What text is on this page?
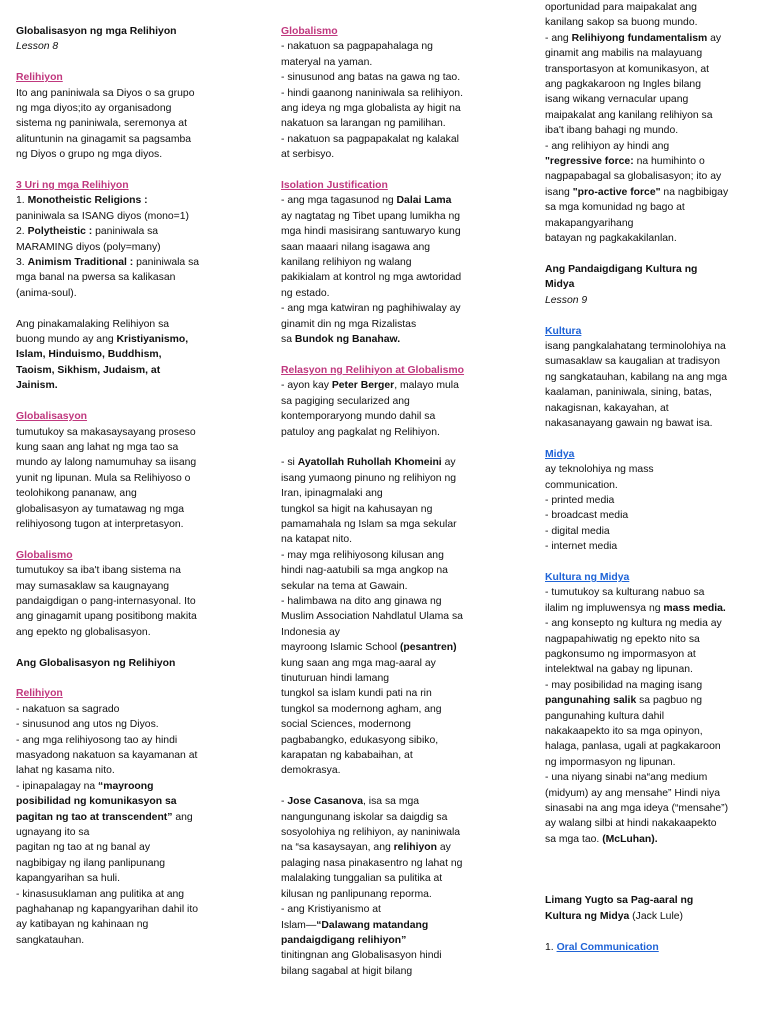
Globalisasyon ng mga Relihiyon
Lesson 8
Relihiyon
Ito ang paniniwala sa Diyos o sa grupo
ng mga diyos;ito ay organisadong
sistema ng paniniwala, seremonya at
alituntunin na ginagamit sa pagsamba
ng Diyos o grupo ng mga diyos.
3 Uri ng mga Relihiyon
1. Monotheistic Religions :
paniniwala sa ISANG diyos (mono=1)
2. Polytheistic : paniniwala sa
MARAMING diyos (poly=many)
3. Animism Traditional : paniniwala sa
mga banal na pwersa sa kalikasan
(anima-soul).
Ang pinakamalaking Relihiyon sa
buong mundo ay ang Kristiyanismo,
Islam, Hinduismo, Buddhism,
Taoism, Sikhism, Judaism, at
Jainism.
Globalisasyon
tumutukoy sa makasaysayang proseso
kung saan ang lahat ng mga tao sa
mundo ay lalong namumuhay sa iisang
yunit ng lipunan. Mula sa Relihiyoso o
teolohikong pananaw, ang
globalisasyon ay tumatawag ng mga
relihiyosong tugon at interpretasyon.
Globalismo
tumutukoy sa iba't ibang sistema na
may sumasaklaw sa kaugnayang
pandaigdigan o pang-internasyonal. Ito
ang ginagamit upang positibong makita
ang epekto ng globalisasyon.
Ang Globalisasyon ng Relihiyon
Relihiyon
- nakatuon sa sagrado
- sinusunod ang utos ng Diyos.
- ang mga relihiyosong tao ay hindi
masyadong nakatuon sa kayamanan at
lahat ng kasama nito.
- ipinapalagay na “mayroong
posibilidad ng komunikasyon sa
pagitan ng tao at transcendent” ang
ugnayang ito sa
pagitan ng tao at ng banal ay
nagbibigay ng ilang panlipunang
kapangyarihan sa huli.
- kinasusuklaman ang pulitika at ang
paghahanap ng kapangyarihan dahil ito
ay katibayan ng kahinaan ng
sangkatauhan.
Globalismo
- nakatuon sa pagpapahalaga ng
materyal na yaman.
- sinusunod ang batas na gawa ng tao.
- hindi gaanong naniniwala sa relihiyon.
ang ideya ng mga globalista ay higit na
nakatuon sa larangan ng pamilihan.
- nakatuon sa pagpapakalat ng kalakal
at serbisyo.
Isolation Justification
- ang mga tagasunod ng Dalai Lama
ay nagtatag ng Tibet upang lumikha ng
mga hindi masisirang santuwaryo kung
saan maaari nilang isagawa ang
kanilang relihiyon ng walang
pakikialam at kontrol ng mga awtoridad
ng estado.
- ang mga katwiran ng paghihiwalay ay
ginamit din ng mga Rizalistas
sa Bundok ng Banahaw.
Relasyon ng Relihiyon at Globalismo
- ayon kay Peter Berger, malayo mula
sa pagiging secularized ang
kontemporaryong mundo dahil sa
patuloy ang pagkalat ng Relihiyon.
- si Ayatollah Ruhollah Khomeini ay
isang yumaong pinuno ng relihiyon ng
Iran, ipinagmalaki ang
tungkol sa higit na kahusayan ng
pamamahala ng Islam sa mga sekular
na katapat nito.
- may mga relihiyosong kilusan ang
hindi nag-aatubili sa mga angkop na
sekular na tema at Gawain.
- halimbawa na dito ang ginawa ng
Muslim Association Nahdlatul Ulama sa
Indonesia ay
mayroong Islamic School (pesantren)
kung saan ang mga mag-aaral ay
tinuturuan hindi lamang
tungkol sa islam kundi pati na rin
tungkol sa modernong agham, ang
social Sciences, modernong
pagbabangko, edukasyong sibiko,
karapatan ng kababaihan, at
demokrasya.
- Jose Casanova, isa sa mga
nangungunang iskolar sa daigdig sa
sosyolohiya ng relihiyon, ay naniniwala
na “sa kasaysayan, ang relihiyon ay
palaging nasa pinakasentro ng lahat ng
malalaking tunggalian sa pulitika at
kilusan ng panlipunang reporma.
- ang Kristiyanismo at
Islam—“Dalawang matandang
pandaigdigang relihiyon”
tinitingnan ang Globalisasyon hindi
bilang sagabal at higit bilang
oportunidad para maipakalat ang
kanilang sakop sa buong mundo.
- ang Relihiyong fundamentalism ay
ginamit ang mabilis na malayuang
transportasyon at komunikasyon, at
ang pagkakaroon ng Ingles bilang
isang wikang vernacular upang
maipakalat ang kanilang relihiyon sa
iba't ibang bahagi ng mundo.
- ang relihiyon ay hindi ang
"regressive force: na humihinto o
nagpapabagal sa globalisasyon; ito ay
isang "pro-active force" na nagbibigay
sa mga komunidad ng bago at
makapangyarihang
batayan ng pagkakakilanlan.
Ang Pandaigdigang Kultura ng
Midya
Lesson 9
Kultura
isang pangkalahatang terminolohiya na
sumasaklaw sa kaugalian at tradisyon
ng sangkatauhan, kabilang na ang mga
kaalaman, paniniwala, sining, batas,
nakagisnan, kakayahan, at
nakasanayang gawain ng bawat isa.
Midya
ay teknolohiya ng mass
communication.
- printed media
- broadcast media
- digital media
- internet media
Kultura ng Midya
- tumutukoy sa kulturang nabuo sa
ilalim ng impluwensya ng mass media.
- ang konsepto ng kultura ng media ay
nagpapahiwatig ng epekto nito sa
pagkonsumo ng impormasyon at
intelektwal na gabay ng lipunan.
- may posibilidad na maging isang
pangunahing salik sa pagbuo ng
pangunahing kultura dahil
nakakaapekto ito sa mga opinyon,
halaga, panlasa, ugali at pagkakaroon
ng impormasyon ng lipunan.
- una niyang sinabi na“ang medium
(midyum) ay ang mensahe” Hindi niya
sinasabi na ang mga ideya (“mensahe”)
ay walang silbi at hindi nakakaapekto
sa mga tao. (McLuhan).

Limang Yugto sa Pag-aaral ng
Kultura ng Midya (Jack Lule)
1. Oral Communication
